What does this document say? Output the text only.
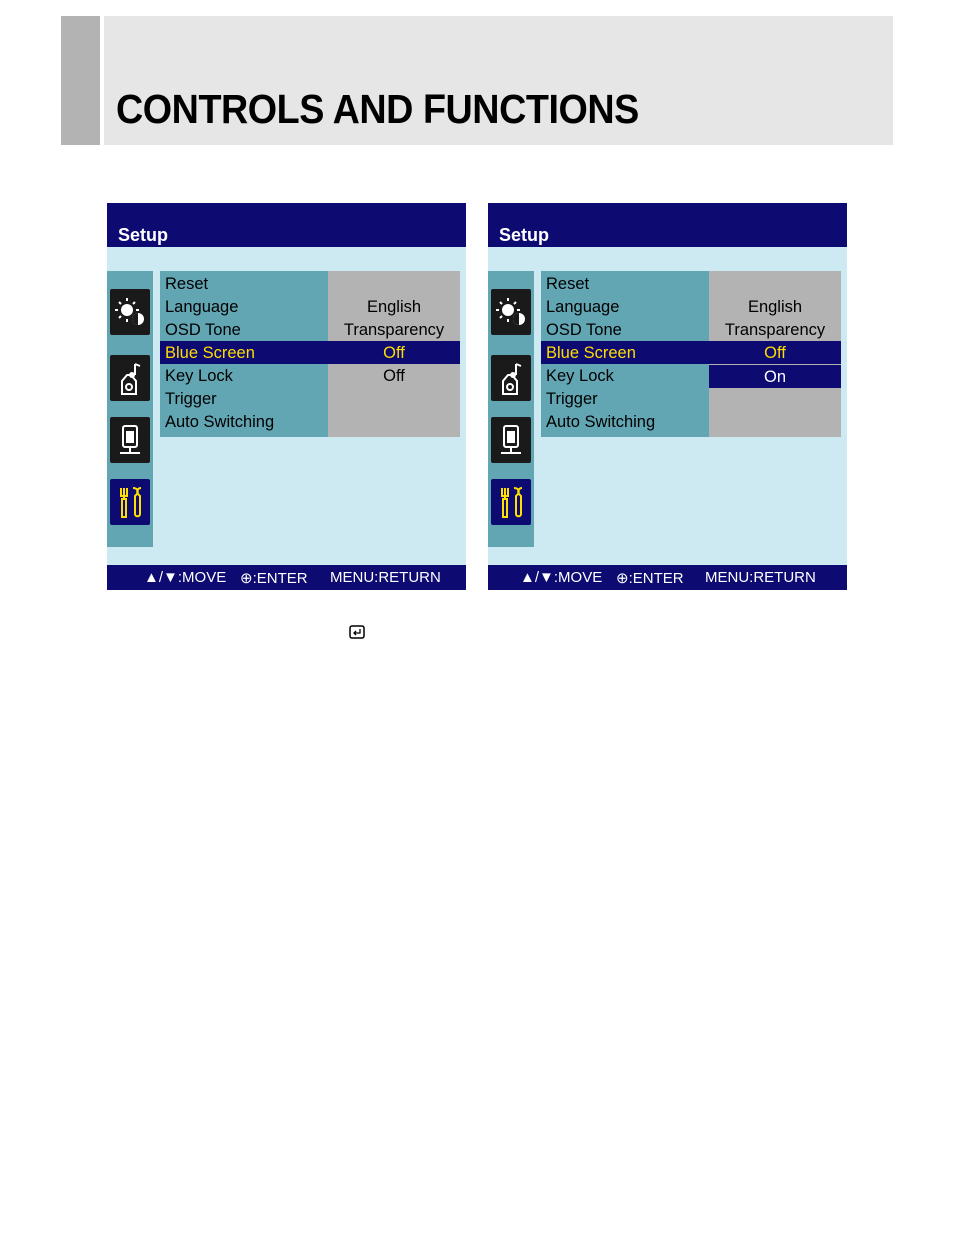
CONTROLS AND FUNCTIONS
Setup
Reset
Language	English
OSD Tone	Transparency
Blue Screen	Off
Key Lock	Off
Trigger
Auto Switching
▲/▼:MOVE ⊕:ENTER MENU:RETURN
Setup
Reset
Language	English
OSD Tone	Transparency
Blue Screen	Off
Key Lock	On
Trigger
Auto Switching
▲/▼:MOVE ⊕:ENTER MENU:RETURN
